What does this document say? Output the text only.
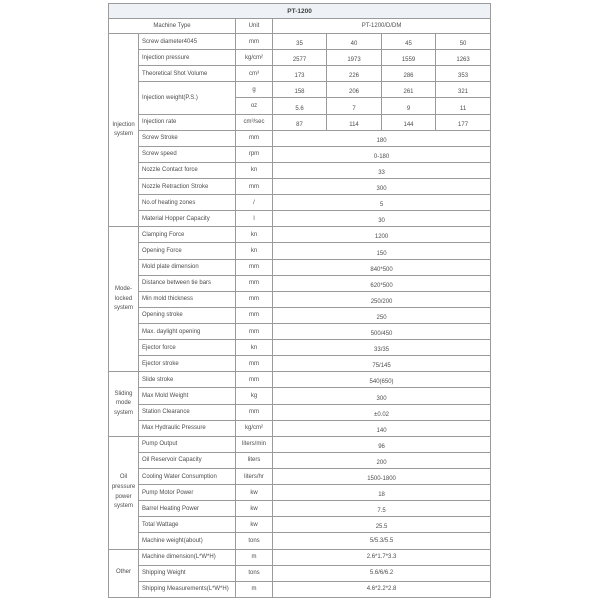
PT-1200						
Machine Type		Unit	PT-1200/D/DM			
Injection system	Screw diameter4045	mm	35	40	45	50
	Injection pressure	kg/cm²	2577	1973	1559	1263
	Theoretical Shot Volume	cm³	173	226	286	353
	Injection weight(P.S.)	g	158	206	261	321
		oz	5.6	7	9	11
	Injection rate	cm³/sec	87	114	144	177
	Screw Stroke	mm	180			
	Screw speed	rpm	0-180			
	Nozzle Contact force	kn	33			
	Nozzle Retraction Stroke	mm	300			
	No.of heating zones	/	5			
	Material Hopper Capacity	l	30			
Mode-locked system	Clamping Force	kn	1200			
	Opening Force	kn	150			
	Mold plate dimension	mm	840*500			
	Distance between tie bars	mm	620*500			
	Min mold thickness	mm	250/200			
	Opening stroke	mm	250			
	Max. daylight opening	mm	500/450			
	Ejector force	kn	33/35			
	Ejector stroke	mm	75/145			
Sliding mode system	Slide stroke	mm	540(650)			
	Max Mold Weight	kg	300			
	Station Clearance	mm	±0.02			
	Max Hydraulic Pressure	kg/cm²	140			
Oil pressure power system	Pump Output	liters/min	96			
	Oil Reservoir Capacity	liters	200			
	Cooling Water Consumption	liters/hr	1500-1800			
	Pump Motor Power	kw	18			
	Barrel Heating Power	kw	7.5			
	Total Wattage	kw	25.5			
	Machine weight(about)	tons	5/5.3/5.5			
Other	Machine dimension(L*W*H)	m	2.6*1.7*3.3			
	Shipping Weight	tons	5.6/6/6.2			
	Shipping Measurements(L*W*H)	m	4.6*2.2*2.8			
